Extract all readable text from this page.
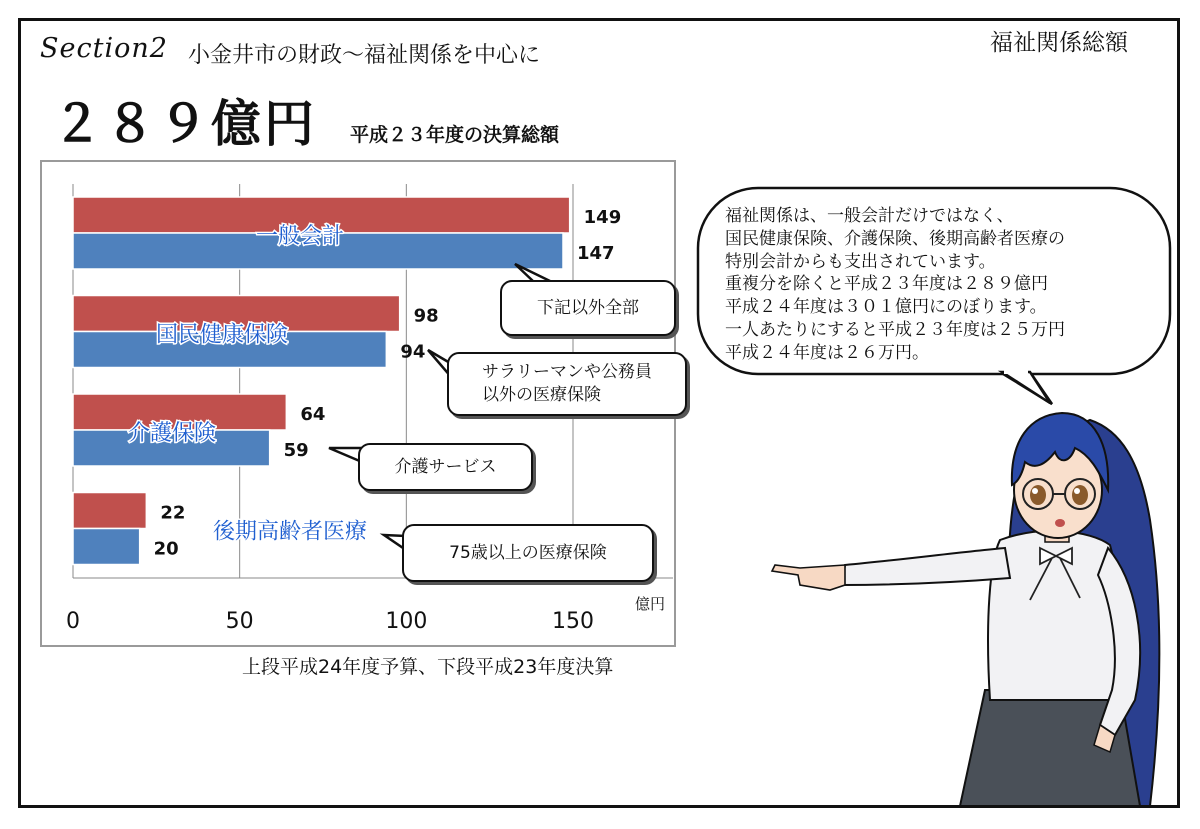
Section2 小金井市の財政～福祉関係を中心に	福祉関係総額
２８９億円 平成２３年度の決算総額
0	50	100	150
億円
149
147
一般会計
98
94
国民健康保険
64
59
介護保険
22
20
後期高齢者医療
上段平成24年度予算、下段平成23年度決算
下記以外全部
サラリーマンや公務員
以外の医療保険
介護サービス
75歳以上の医療保険
福祉関係は、一般会計だけではなく、
国民健康保険、介護保険、後期高齢者医療の
特別会計からも支出されています。
重複分を除くと平成２３年度は２８９億円
平成２４年度は３０１億円にのぼります。
一人あたりにすると平成２３年度は２５万円
平成２４年度は２６万円。
